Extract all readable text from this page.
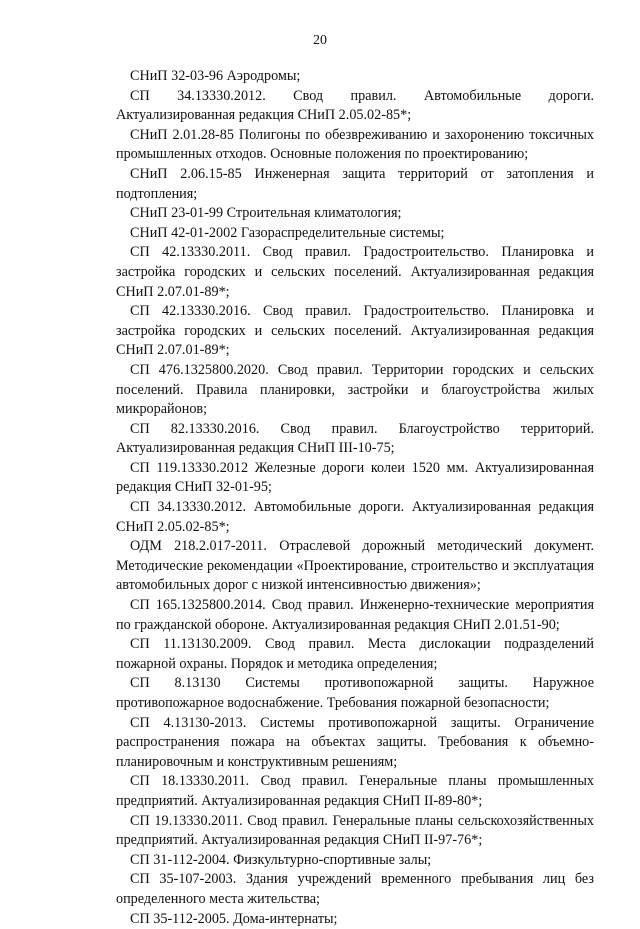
20

СНиП 32-03-96 Аэродромы;

СП 34.13330.2012. Свод правил. Автомобильные дороги. Актуализированная редакция СНиП 2.05.02-85*;

СНиП 2.01.28-85 Полигоны по обезвреживанию и захоронению токсичных промышленных отходов. Основные положения по проектированию;

СНиП 2.06.15-85 Инженерная защита территорий от затопления и подтопления;

СНиП 23-01-99 Строительная климатология;

СНиП 42-01-2002 Газораспределительные системы;

СП 42.13330.2011. Свод правил. Градостроительство. Планировка и застройка городских и сельских поселений. Актуализированная редакция СНиП 2.07.01-89*;

СП 42.13330.2016. Свод правил. Градостроительство. Планировка и застройка городских и сельских поселений. Актуализированная редакция СНиП 2.07.01-89*;

СП 476.1325800.2020. Свод правил. Территории городских и сельских поселений. Правила планировки, застройки и благоустройства жилых микрорайонов;

СП 82.13330.2016. Свод правил. Благоустройство территорий. Актуализированная редакция СНиП III-10-75;

СП 119.13330.2012 Железные дороги колеи 1520 мм. Актуализированная редакция СНиП 32-01-95;

СП 34.13330.2012. Автомобильные дороги. Актуализированная редакция СНиП 2.05.02-85*;

ОДМ 218.2.017-2011. Отраслевой дорожный методический документ. Методические рекомендации «Проектирование, строительство и эксплуатация автомобильных дорог с низкой интенсивностью движения»;

СП 165.1325800.2014. Свод правил. Инженерно-технические мероприятия по гражданской обороне. Актуализированная редакция СНиП 2.01.51-90;

СП 11.13130.2009. Свод правил. Места дислокации подразделений пожарной охраны. Порядок и методика определения;

СП 8.13130 Системы противопожарной защиты. Наружное противопожарное водоснабжение. Требования пожарной безопасности;

СП 4.13130-2013. Системы противопожарной защиты. Ограничение распространения пожара на объектах защиты. Требования к объемно-планировочным и конструктивным решениям;

СП 18.13330.2011. Свод правил. Генеральные планы промышленных предприятий. Актуализированная редакция СНиП II-89-80*;

СП 19.13330.2011. Свод правил. Генеральные планы сельскохозяйственных предприятий. Актуализированная редакция СНиП II-97-76*;

СП 31-112-2004. Физкультурно-спортивные залы;

СП 35-107-2003. Здания учреждений временного пребывания лиц без определенного места жительства;

СП 35-112-2005. Дома-интернаты;
